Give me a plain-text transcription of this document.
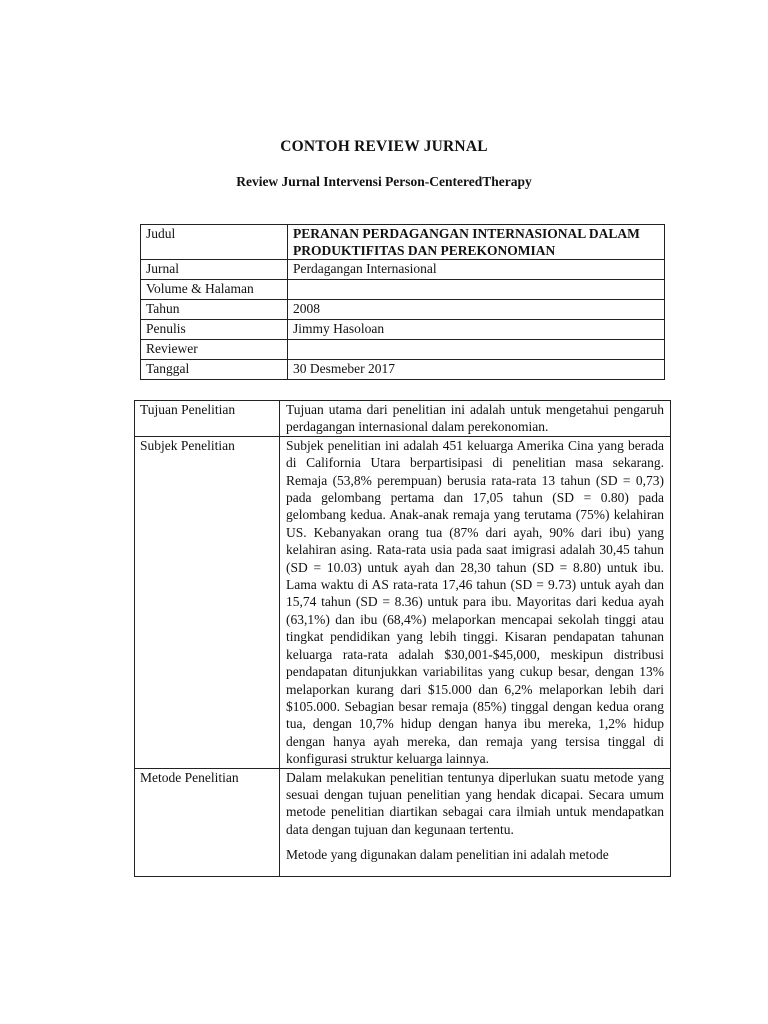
CONTOH REVIEW JURNAL
Review Jurnal Intervensi Person-CenteredTherapy
Judul	PERANAN PERDAGANGAN INTERNASIONAL DALAM PRODUKTIFITAS DAN PEREKONOMIAN
Jurnal	Perdagangan Internasional
Volume & Halaman	
Tahun	2008
Penulis	Jimmy Hasoloan
Reviewer	
Tanggal	30 Desmeber 2017
Tujuan Penelitian	Tujuan utama dari penelitian ini adalah untuk mengetahui pengaruh perdagangan internasional dalam perekonomian.
Subjek Penelitian	Subjek penelitian ini adalah 451 keluarga Amerika Cina yang berada di California Utara berpartisipasi di penelitian masa sekarang. Remaja (53,8% perempuan) berusia rata-rata 13 tahun (SD = 0,73) pada gelombang pertama dan 17,05 tahun (SD = 0.80) pada gelombang kedua. Anak-anak remaja yang terutama (75%) kelahiran US. Kebanyakan orang tua (87% dari ayah, 90% dari ibu) yang kelahiran asing. Rata-rata usia pada saat imigrasi adalah 30,45 tahun (SD = 10.03) untuk ayah dan 28,30 tahun (SD = 8.80) untuk ibu. Lama waktu di AS rata-rata 17,46 tahun (SD = 9.73) untuk ayah dan 15,74 tahun (SD = 8.36) untuk para ibu. Mayoritas dari kedua ayah (63,1%) dan ibu (68,4%) melaporkan mencapai sekolah tinggi atau tingkat pendidikan yang lebih tinggi. Kisaran pendapatan tahunan keluarga rata-rata adalah $30,001-$45,000, meskipun distribusi pendapatan ditunjukkan variabilitas yang cukup besar, dengan 13% melaporkan kurang dari $15.000 dan 6,2% melaporkan lebih dari $105.000. Sebagian besar remaja (85%) tinggal dengan kedua orang tua, dengan 10,7% hidup dengan hanya ibu mereka, 1,2% hidup dengan hanya ayah mereka, dan remaja yang tersisa tinggal di konfigurasi struktur keluarga lainnya.
Metode Penelitian	Dalam melakukan penelitian tentunya diperlukan suatu metode yang sesuai dengan tujuan penelitian yang hendak dicapai. Secara umum metode penelitian diartikan sebagai cara ilmiah untuk mendapatkan data dengan tujuan dan kegunaan tertentu.

Metode yang digunakan dalam penelitian ini adalah metode
